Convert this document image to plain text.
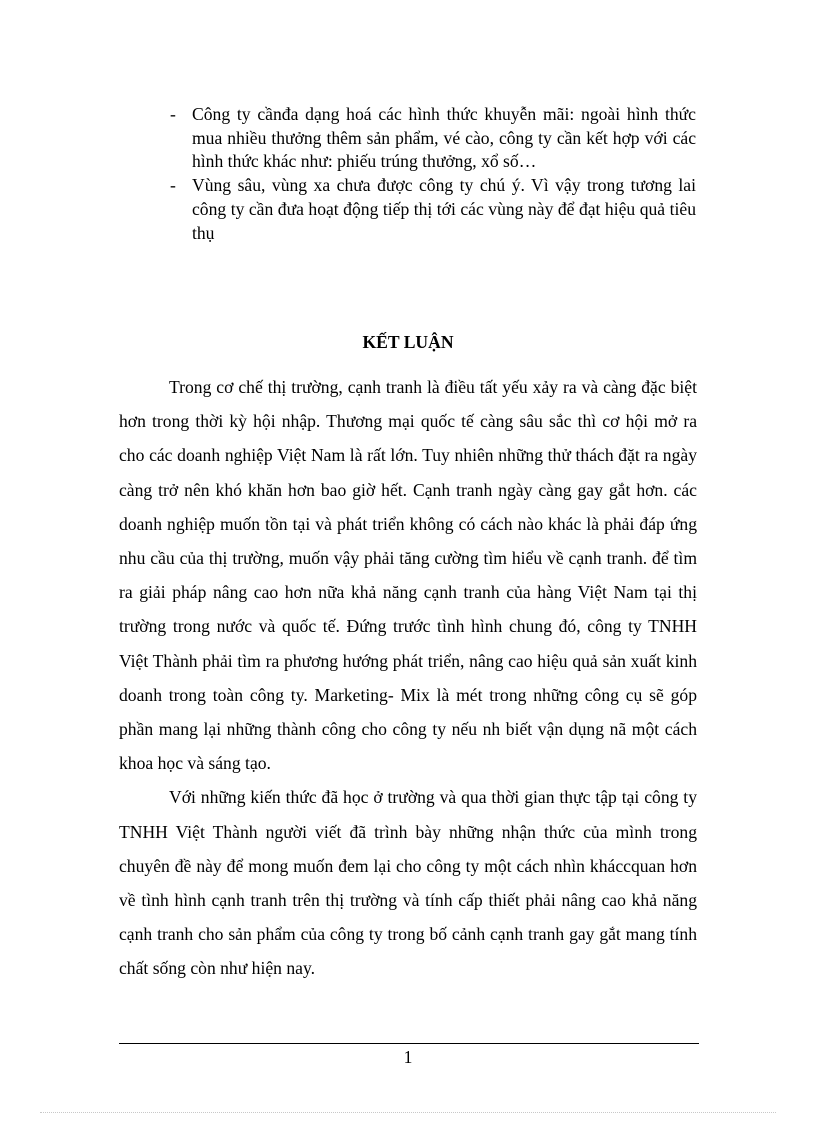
- Công ty cầnđa dạng hoá các hình thức khuyễn mãi: ngoài hình thức mua nhiều thưởng thêm sản phẩm, vé cào, công ty cần kết hợp với các hình thức khác như: phiếu trúng thưởng, xổ số…
- Vùng sâu, vùng xa chưa được công ty chú ý. Vì vậy trong tương lai công ty cần đưa hoạt động tiếp thị tới các vùng này để đạt hiệu quả tiêu thụ
KẾT LUẬN

Trong cơ chế thị trường, cạnh tranh là điều tất yếu xảy ra và càng đặc biệt hơn trong thời kỳ hội nhập. Thương mại quốc tế càng sâu sắc thì cơ hội mở ra cho các doanh nghiệp Việt Nam là rất lớn. Tuy nhiên những thử thách đặt ra ngày càng trở nên khó khăn hơn bao giờ hết. Cạnh tranh ngày càng gay gắt hơn. các doanh nghiệp muốn tồn tại và phát triển không có cách nào khác là phải đáp ứng nhu cầu của thị trường, muốn vậy phải tăng cường tìm hiểu về cạnh tranh. để tìm ra giải pháp nâng cao hơn nữa khả năng cạnh tranh của hàng Việt Nam tại thị trường trong nước và quốc tế. Đứng trước tình hình chung đó, công ty TNHH Việt Thành phải tìm ra phương hướng phát triển, nâng cao hiệu quả sản xuất kinh doanh trong toàn công ty. Marketing- Mix là mét trong những công cụ sẽ góp phần mang lại những thành công cho công ty nếu nh biết vận dụng nã một cách khoa học và sáng tạo.

Với những kiến thức đã học ở trường và qua thời gian thực tập tại công ty TNHH Việt Thành người viết đã trình bày những nhận thức của mình trong chuyên đề này để mong muốn đem lại cho công ty một cách nhìn kháccquan hơn về tình hình cạnh tranh trên thị trường và tính cấp thiết phải nâng cao khả năng cạnh tranh cho sản phẩm của công ty trong bố cảnh cạnh tranh gay gắt mang tính chất sống còn như hiện nay.

1
